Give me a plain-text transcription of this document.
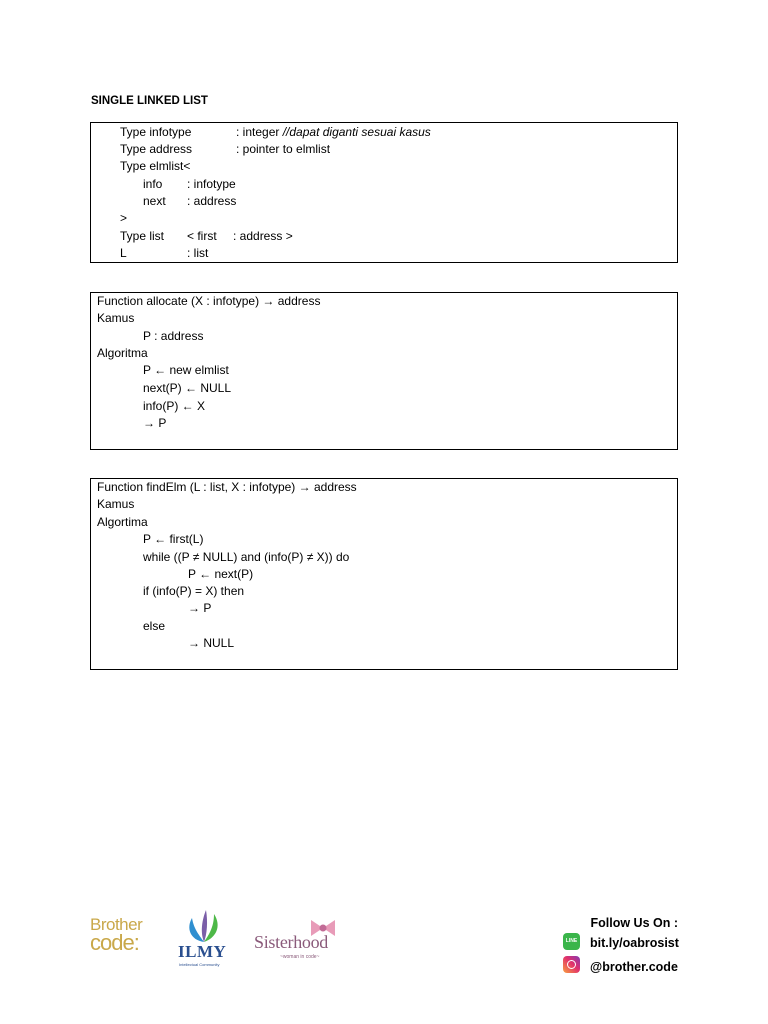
SINGLE LINKED LIST
Type infotype	: integer //dapat diganti sesuai kasus
Type address	: pointer to elmlist
Type elmlist<
info : infotype
next : address
>
Type list < first : address >
L	: list
Function allocate (X : infotype) → address
Kamus
P : address
Algoritma
P ← new elmlist
next(P) ← NULL
info(P) ← X
→ P
Function findElm (L : list, X : infotype) → address
Kamus
Algortima
P ← first(L)
while ((P ≠ NULL) and (info(P) ≠ X)) do
P ← next(P)
if (info(P) = X) then
→ P
else
→ NULL
Brother
code:	ILMY
Intellectual Community
Sisterhood
~woman in code~
Follow Us On :
LINE bit.ly/oabrosist
@brother.code
